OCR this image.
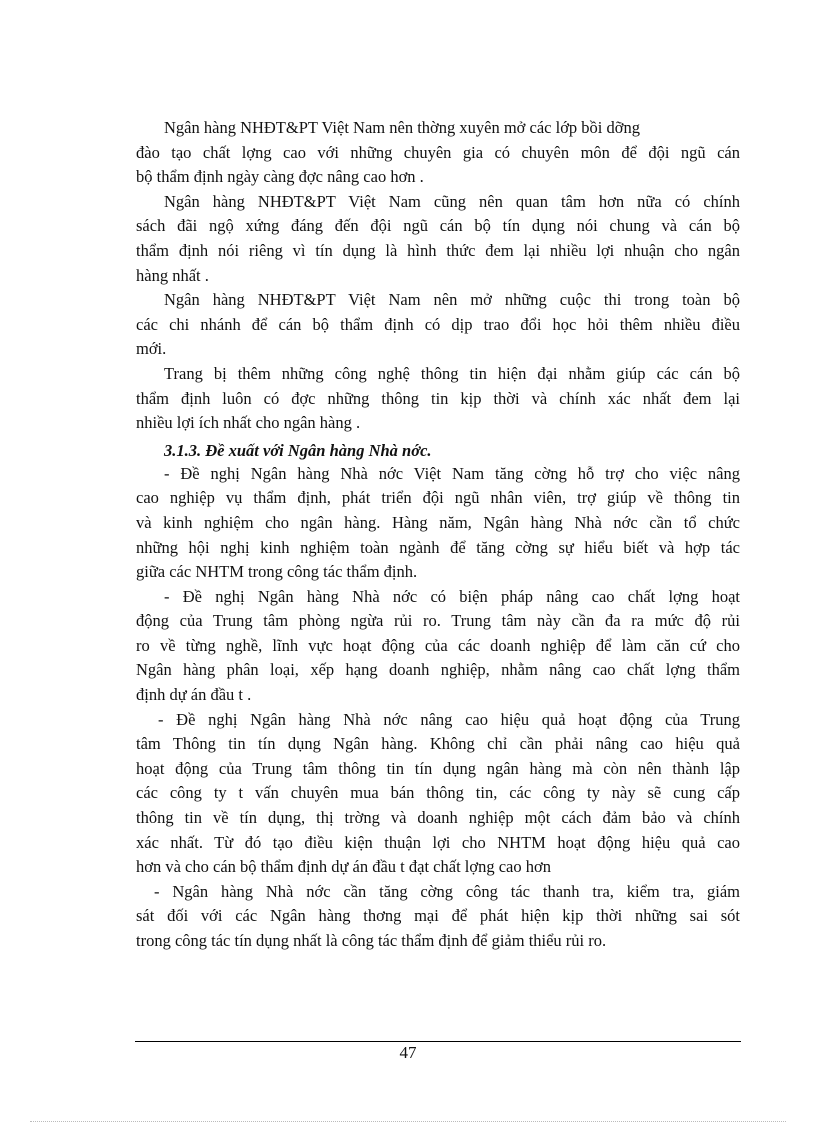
Ngân hàng NHĐT&PT Việt Nam nên thờng xuyên mở các lớp bồi dỡng
đào tạo chất lợng cao với những chuyên gia có chuyên môn để đội ngũ cán
bộ thẩm định ngày càng đợc nâng cao hơn .
Ngân hàng NHĐT&PT Việt Nam cũng nên quan tâm hơn nữa có chính
sách đãi ngộ xứng đáng đến đội ngũ cán bộ tín dụng nói chung và cán bộ
thẩm định nói riêng vì tín dụng là hình thức đem lại nhiều lợi nhuận cho ngân
hàng nhất .
Ngân hàng NHĐT&PT Việt Nam nên mở những cuộc thi trong toàn bộ
các chi nhánh để cán bộ thẩm định có dịp trao đổi học hỏi thêm nhiều điều
mới.
Trang bị thêm những công nghệ thông tin hiện đại nhằm giúp các cán bộ
thẩm định luôn có đợc những thông tin kịp thời và chính xác nhất đem lại
nhiều lợi ích nhất cho ngân hàng .
3.1.3. Đề xuất với Ngân hàng Nhà nớc.
- Đề nghị Ngân hàng Nhà nớc Việt Nam tăng cờng hỗ trợ cho việc nâng
cao nghiệp vụ thẩm định, phát triển đội ngũ nhân viên, trợ giúp về thông tin
và kinh nghiệm cho ngân hàng. Hàng năm, Ngân hàng Nhà nớc cần tổ chức
những hội nghị kinh nghiệm toàn ngành để tăng cờng sự hiểu biết và hợp tác
giữa các NHTM trong công tác thẩm định.
- Đề nghị Ngân hàng Nhà nớc có biện pháp nâng cao chất lợng hoạt
động của Trung tâm phòng ngừa rủi ro. Trung tâm này cần đa ra mức độ rủi
ro về từng nghề, lĩnh vực hoạt động của các doanh nghiệp để làm căn cứ cho
Ngân hàng phân loại, xếp hạng doanh nghiệp, nhằm nâng cao chất lợng thẩm
định dự án đầu t .
- Đề nghị Ngân hàng Nhà nớc nâng cao hiệu quả hoạt động của Trung
tâm Thông tin tín dụng Ngân hàng. Không chỉ cần phải nâng cao hiệu quả
hoạt động của Trung tâm thông tin tín dụng ngân hàng mà còn nên thành lập
các công ty t vấn chuyên mua bán thông tin, các công ty này sẽ cung cấp
thông tin về tín dụng, thị trờng và doanh nghiệp một cách đảm bảo và chính
xác nhất. Từ đó tạo điều kiện thuận lợi cho NHTM hoạt động hiệu quả cao
hơn và cho cán bộ thẩm định dự án đầu t đạt chất lợng cao hơn
- Ngân hàng Nhà nớc cần tăng cờng công tác thanh tra, kiểm tra, giám
sát đối với các Ngân hàng thơng mại để phát hiện kịp thời những sai sót
trong công tác tín dụng nhất là công tác thẩm định để giảm thiểu rủi ro.
47
